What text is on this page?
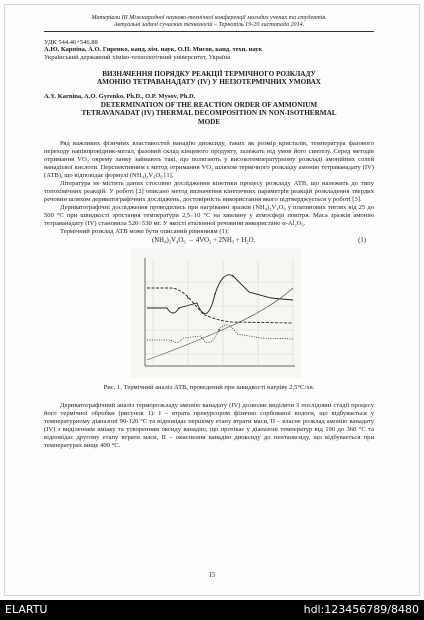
Матеріали ІІІ Міжнародної науково-технічної конференції молодих учених та студентів.
Актуальні задачі сучасних технологій – Тернопіль 19-20 листопада 2014.
УДК 544.46+546.88
А.Ю. Карніна, А.О. Гиренко, канд. хім. наук, О.П. Мисов, канд. техн. наук
Український державний хіміко-технологічний університет, Україна
ВИЗНАЧЕННЯ ПОРЯДКУ РЕАКЦІЇ ТЕРМІЧНОГО РОЗКЛАДУ
АМОНІЮ ТЕТРАВАНАДАТУ (IV) У НЕІЗОТЕРМІЧНИХ УМОВАХ
A.Y. Karnina, A.O. Gyrenko, Ph.D., O.P. Mysov, Ph.D.
DETERMINATION OF THE REACTION ORDER OF AMMONIUM
TETRAVANADAT (IV) THERMAL DECOMPOSITION IN NON-ISOTHERMAL
MODE

Ряд важливих фізичних властивостей ванадію диоксиду, таких як розмір кристалів, температура фазового переходу напівпровідник-метал, фазовий склад кінцевого продукту, залежать від умов його синтезу. Серед методів отримання VO₂ окрему ланку займають такі, що полягають у високотемпературному розкладі амонійних солей ванадієвої кислоти. Перспективним є метод отримання VO₂ шляхом термічного розкладу амонію тетраванадату (IV) (АТВ), що відповідає формулі (NH₄)₂V₄O₉ [1].

Література не містить даних стосовно дослідження кінетики процесу розкладу АТВ, що належить до типу топохімічних реакцій. У роботі [2] описано метод визначення кінетичних параметрів реакцій розкладення твердих речовин шляхом дериватографічних досліджень, достовірність використання якого підтверджується у роботі [3].

Дериватографічні дослідження проводились при нагріванні зразків (NH₄)₂V₄O₉ у платинових тиглях від 25 до 500 °С при швидкості зростання температури 2,5÷10 °С на хвилину у атмосфері повітря. Маса зразків амонію тетраванадату (IV) становила 520÷530 мг. У якості еталонної речовини використано α-Al₂O₃.

Термічний розклад АТВ може бути описаний рівнянням (1):

(NH₄)₂V₄O₉ → 4VO₂ + 2NH₃ + H₂O.	(1)
Рис. 1. Термічний аналіз АТВ, проведений при швидкості нагріву 2,5°С/хв.

Дериватографічний аналіз терморозкладу амонію ванадату (IV) дозволяє виділити 3 послідовні стадії процесу його термічної обробки (рисунок 1): I – втрата прекурсором фізично сорбованої вологи, що відбувається у температурному діапазоні 90-120 °С та відповідає першому етапу втрати маси, II – власне розклад амонію ванадату (IV) з виділенням аміаку та утворенням оксиду ванадію, що протікає у діапазоні температур від 190 до 360 °С та відповідає другому етапу втрати маси, II – окиснення ванадію диоксиду до пентаоксиду, що відбувається при температурах вище 400 °С.

15
ELARTU	hdl:123456789/8480
